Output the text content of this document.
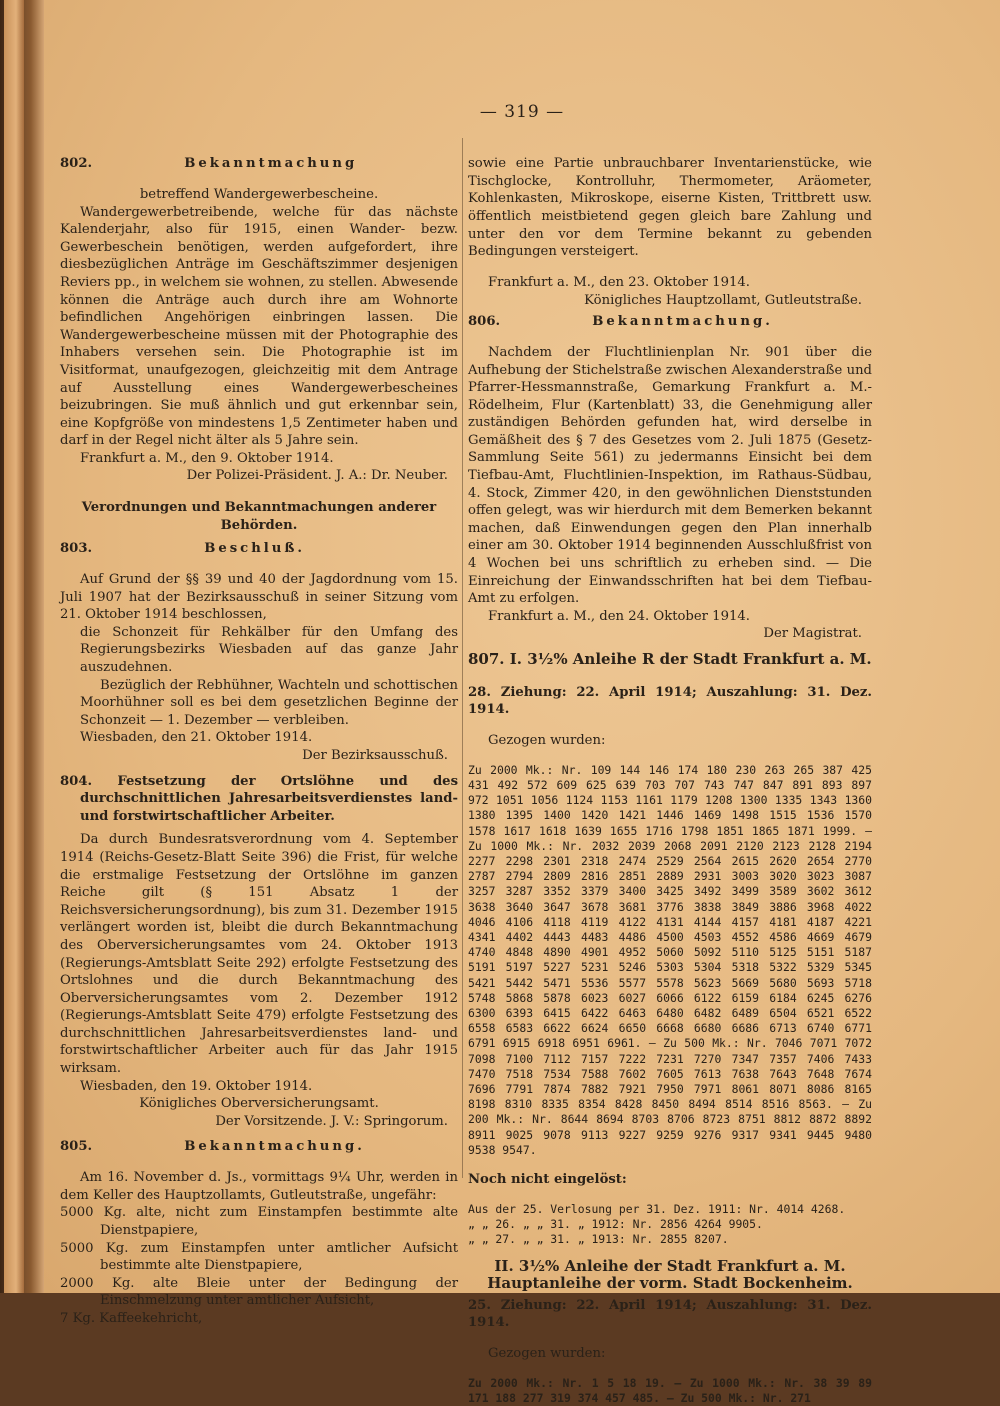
— 319 —

802.	Bekanntmachung

betreffend Wandergewerbescheine.

Wandergewerbetreibende, welche für das nächste Kalenderjahr, also für 1915, einen Wander- bezw. Gewerbeschein benötigen, werden aufgefordert, ihre diesbezüglichen Anträge im Geschäftszimmer desjenigen Reviers pp., in welchem sie wohnen, zu stellen. Abwesende können die Anträge auch durch ihre am Wohnorte befindlichen Angehörigen einbringen lassen. Die Wandergewerbescheine müssen mit der Photographie des Inhabers versehen sein. Die Photographie ist im Visitformat, unaufgezogen, gleichzeitig mit dem Antrage auf Ausstellung eines Wandergewerbescheines beizubringen. Sie muß ähnlich und gut erkennbar sein, eine Kopfgröße von mindestens 1,5 Zentimeter haben und darf in der Regel nicht älter als 5 Jahre sein.

Frankfurt a. M., den 9. Oktober 1914.

Der Polizei-Präsident. J. A.: Dr. Neuber.

Verordnungen und Bekanntmachungen anderer Behörden.

803.	Beschluß.

Auf Grund der §§ 39 und 40 der Jagdordnung vom 15. Juli 1907 hat der Bezirksausschuß in seiner Sitzung vom 21. Oktober 1914 beschlossen,

die Schonzeit für Rehkälber für den Umfang des Regierungsbezirks Wiesbaden auf das ganze Jahr auszudehnen.

Bezüglich der Rebhühner, Wachteln und schottischen Moorhühner soll es bei dem gesetzlichen Beginne der Schonzeit — 1. Dezember — verbleiben.

Wiesbaden, den 21. Oktober 1914.

Der Bezirksausschuß.

804. Festsetzung der Ortslöhne und des durchschnittlichen Jahresarbeitsverdienstes land- und forstwirtschaftlicher Arbeiter.

Da durch Bundesratsverordnung vom 4. September 1914 (Reichs-Gesetz-Blatt Seite 396) die Frist, für welche die erstmalige Festsetzung der Ortslöhne im ganzen Reiche gilt (§ 151 Absatz 1 der Reichsversicherungsordnung), bis zum 31. Dezember 1915 verlängert worden ist, bleibt die durch Bekanntmachung des Oberversicherungsamtes vom 24. Oktober 1913 (Regierungs-Amtsblatt Seite 292) erfolgte Festsetzung des Ortslohnes und die durch Bekanntmachung des Oberversicherungsamtes vom 2. Dezember 1912 (Regierungs-Amtsblatt Seite 479) erfolgte Festsetzung des durchschnittlichen Jahresarbeitsverdienstes land- und forstwirtschaftlicher Arbeiter auch für das Jahr 1915 wirksam.

Wiesbaden, den 19. Oktober 1914.

Königliches Oberversicherungsamt.

Der Vorsitzende. J. V.: Springorum.

805.	Bekanntmachung.

Am 16. November d. Js., vormittags 9¼ Uhr, werden in dem Keller des Hauptzollamts, Gutleutstraße, ungefähr:

5000 Kg. alte, nicht zum Einstampfen bestimmte alte Dienstpapiere,

5000 Kg. zum Einstampfen unter amtlicher Aufsicht bestimmte alte Dienstpapiere,

2000 Kg. alte Bleie unter der Bedingung der Einschmelzung unter amtlicher Aufsicht,

7 Kg. Kaffeekehricht,

sowie eine Partie unbrauchbarer Inventarienstücke, wie Tischglocke, Kontrolluhr, Thermometer, Aräometer, Kohlenkasten, Mikroskope, eiserne Kisten, Trittbrett usw. öffentlich meistbietend gegen gleich bare Zahlung und unter den vor dem Termine bekannt zu gebenden Bedingungen versteigert.

Frankfurt a. M., den 23. Oktober 1914.

Königliches Hauptzollamt, Gutleutstraße.

806.	Bekanntmachung.

Nachdem der Fluchtlinienplan Nr. 901 über die Aufhebung der Stichelstraße zwischen Alexanderstraße und Pfarrer-Hessmannstraße, Gemarkung Frankfurt a. M.-Rödelheim, Flur (Kartenblatt) 33, die Genehmigung aller zuständigen Behörden gefunden hat, wird derselbe in Gemäßheit des § 7 des Gesetzes vom 2. Juli 1875 (Gesetz-Sammlung Seite 561) zu jedermanns Einsicht bei dem Tiefbau-Amt, Fluchtlinien-Inspektion, im Rathaus-Südbau, 4. Stock, Zimmer 420, in den gewöhnlichen Dienststunden offen gelegt, was wir hierdurch mit dem Bemerken bekannt machen, daß Einwendungen gegen den Plan innerhalb einer am 30. Oktober 1914 beginnenden Ausschlußfrist von 4 Wochen bei uns schriftlich zu erheben sind. — Die Einreichung der Einwandsschriften hat bei dem Tiefbau-Amt zu erfolgen.

Frankfurt a. M., den 24. Oktober 1914.

Der Magistrat.

807. I. 3½% Anleihe R der Stadt Frankfurt a. M.

28. Ziehung: 22. April 1914; Auszahlung: 31. Dez. 1914.

Gezogen wurden:

Zu 2000 Mk.: Nr. 109 144 146 174 180 230 263 265 387 425 431 492 572 609 625 639 703 707 743 747 847 891 893 897 972 1051 1056 1124 1153 1161 1179 1208 1300 1335 1343 1360 1380 1395 1400 1420 1421 1446 1469 1498 1515 1536 1570 1578 1617 1618 1639 1655 1716 1798 1851 1865 1871 1999. — Zu 1000 Mk.: Nr. 2032 2039 2068 2091 2120 2123 2128 2194 2277 2298 2301 2318 2474 2529 2564 2615 2620 2654 2770 2787 2794 2809 2816 2851 2889 2931 3003 3020 3023 3087 3257 3287 3352 3379 3400 3425 3492 3499 3589 3602 3612 3638 3640 3647 3678 3681 3776 3838 3849 3886 3968 4022 4046 4106 4118 4119 4122 4131 4144 4157 4181 4187 4221 4341 4402 4443 4483 4486 4500 4503 4552 4586 4669 4679 4740 4848 4890 4901 4952 5060 5092 5110 5125 5151 5187 5191 5197 5227 5231 5246 5303 5304 5318 5322 5329 5345 5421 5442 5471 5536 5577 5578 5623 5669 5680 5693 5718 5748 5868 5878 6023 6027 6066 6122 6159 6184 6245 6276 6300 6393 6415 6422 6463 6480 6482 6489 6504 6521 6522 6558 6583 6622 6624 6650 6668 6680 6686 6713 6740 6771 6791 6915 6918 6951 6961. — Zu 500 Mk.: Nr. 7046 7071 7072 7098 7100 7112 7157 7222 7231 7270 7347 7357 7406 7433 7470 7518 7534 7588 7602 7605 7613 7638 7643 7648 7674 7696 7791 7874 7882 7921 7950 7971 8061 8071 8086 8165 8198 8310 8335 8354 8428 8450 8494 8514 8516 8563. — Zu 200 Mk.: Nr. 8644 8694 8703 8706 8723 8751 8812 8872 8892 8911 9025 9078 9113 9227 9259 9276 9317 9341 9445 9480 9538 9547.

Noch nicht eingelöst:

Aus der 25. Verlosung per 31. Dez. 1911: Nr. 4014 4268.

„ „ 26. „ „ 31. „ 1912: Nr. 2856 4264 9905.

„ „ 27. „ „ 31. „ 1913: Nr. 2855 8207.

II. 3½% Anleihe der Stadt Frankfurt a. M.

Hauptanleihe der vorm. Stadt Bockenheim.

25. Ziehung: 22. April 1914; Auszahlung: 31. Dez. 1914.

Gezogen wurden:

Zu 2000 Mk.: Nr. 1 5 18 19. — Zu 1000 Mk.: Nr. 38 39 89 171 188 277 319 374 457 485. — Zu 500 Mk.: Nr. 271
